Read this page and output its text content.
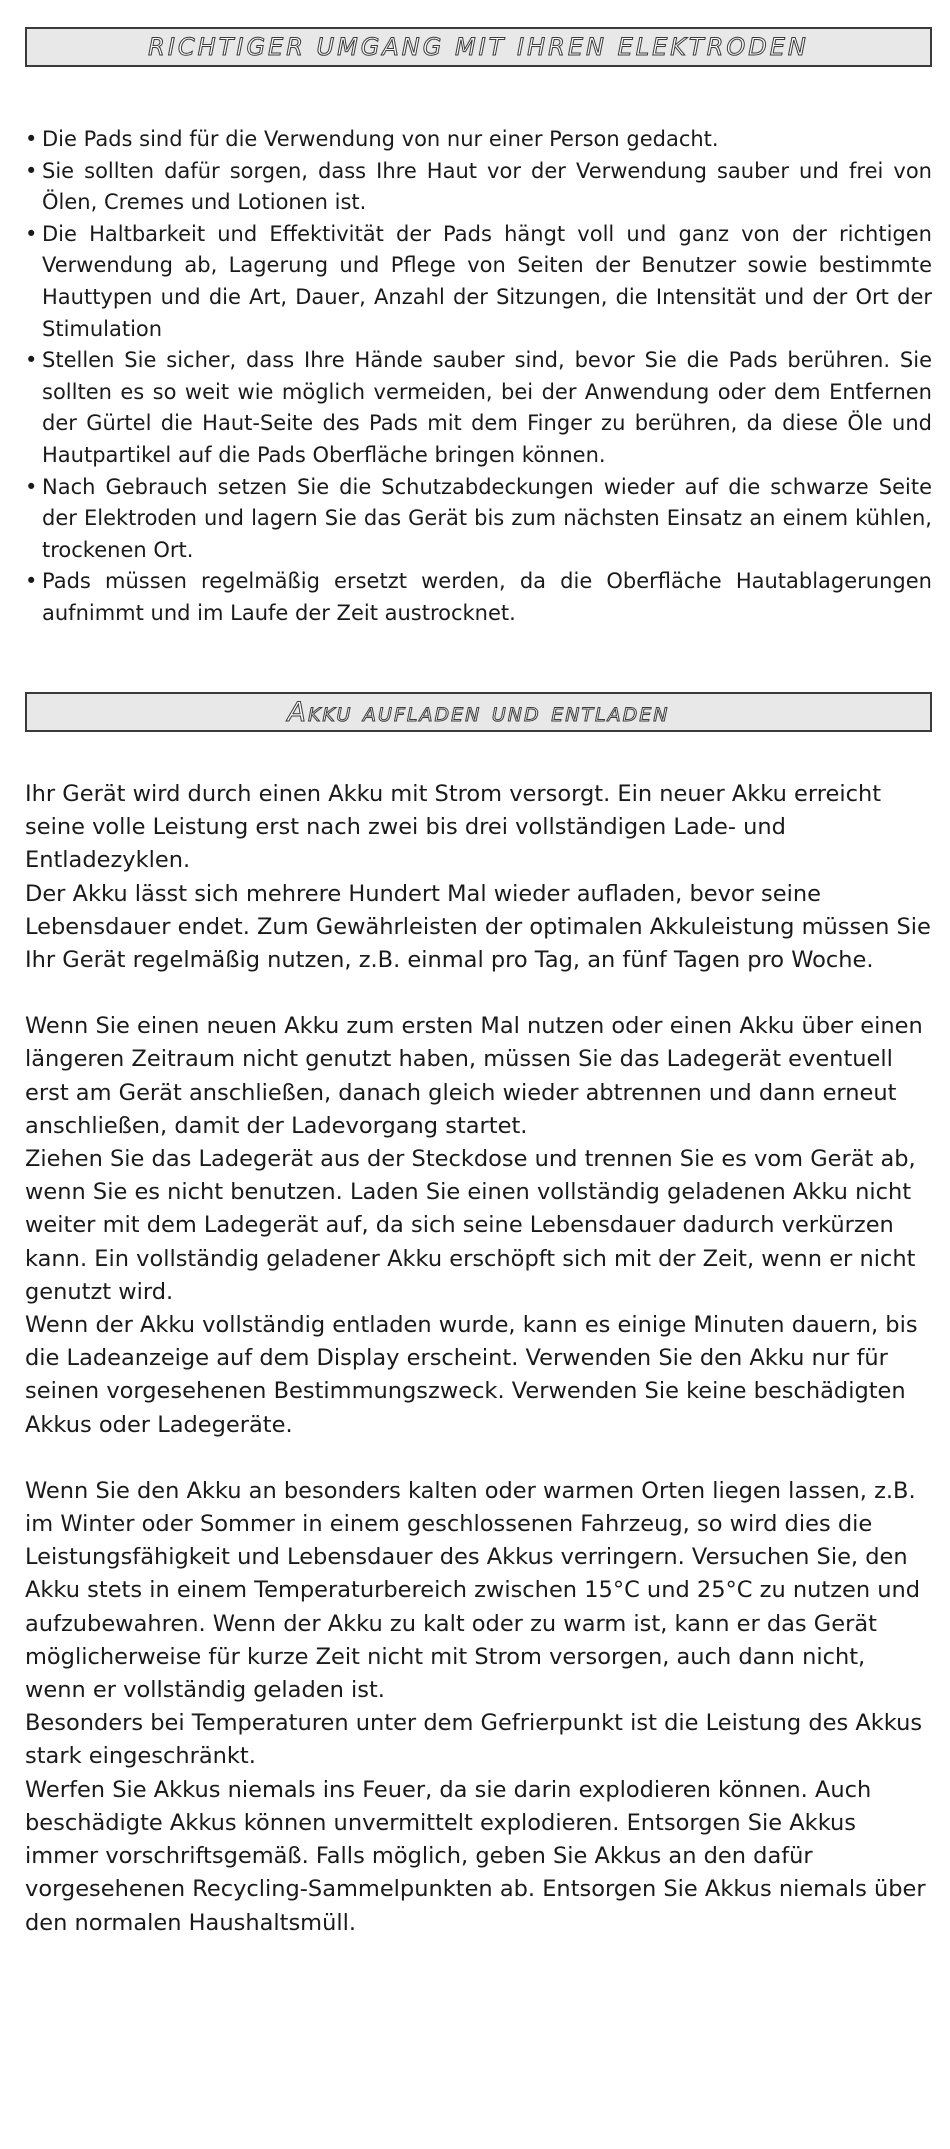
RICHTIGER UMGANG MIT IHREN ELEKTRODEN
• Die Pads sind für die Verwendung von nur einer Person gedacht.
• Sie sollten dafür sorgen, dass Ihre Haut vor der Verwendung sauber und frei von Ölen, Cremes und Lotionen ist.
• Die Haltbarkeit und Effektivität der Pads hängt voll und ganz von der richtigen Verwendung ab, Lagerung und Pflege von Seiten der Benutzer sowie bestimmte Hauttypen und die Art, Dauer, Anzahl der Sitzungen, die Intensität und der Ort der Stimulation
• Stellen Sie sicher, dass Ihre Hände sauber sind, bevor Sie die Pads berühren. Sie sollten es so weit wie möglich vermeiden, bei der Anwendung oder dem Entfernen der Gürtel die Haut-Seite des Pads mit dem Finger zu berühren, da diese Öle und Hautpartikel auf die Pads Oberfläche bringen können.
• Nach Gebrauch setzen Sie die Schutzabdeckungen wieder auf die schwarze Seite der Elektroden und lagern Sie das Gerät bis zum nächsten Einsatz an einem kühlen, trockenen Ort.
• Pads müssen regelmäßig ersetzt werden, da die Oberfläche Hautablagerungen aufnimmt und im Laufe der Zeit austrocknet.
Akku aufladen und entladen

Ihr Gerät wird durch einen Akku mit Strom versorgt. Ein neuer Akku erreicht seine volle Leistung erst nach zwei bis drei vollständigen Lade- und Entladezyklen.

Der Akku lässt sich mehrere Hundert Mal wieder aufladen, bevor seine Lebensdauer endet. Zum Gewährleisten der optimalen Akkuleistung müssen Sie Ihr Gerät regelmäßig nutzen, z.B. einmal pro Tag, an fünf Tagen pro Woche.

Wenn Sie einen neuen Akku zum ersten Mal nutzen oder einen Akku über einen längeren Zeitraum nicht genutzt haben, müssen Sie das Ladegerät eventuell erst am Gerät anschließen, danach gleich wieder abtrennen und dann erneut anschließen, damit der Ladevorgang startet.

Ziehen Sie das Ladegerät aus der Steckdose und trennen Sie es vom Gerät ab, wenn Sie es nicht benutzen. Laden Sie einen vollständig geladenen Akku nicht weiter mit dem Ladegerät auf, da sich seine Lebensdauer dadurch verkürzen kann. Ein vollständig geladener Akku erschöpft sich mit der Zeit, wenn er nicht genutzt wird.

Wenn der Akku vollständig entladen wurde, kann es einige Minuten dauern, bis die Ladeanzeige auf dem Display erscheint. Verwenden Sie den Akku nur für seinen vorgesehenen Bestimmungszweck. Verwenden Sie keine beschädigten Akkus oder Ladegeräte.

Wenn Sie den Akku an besonders kalten oder warmen Orten liegen lassen, z.B. im Winter oder Sommer in einem geschlossenen Fahrzeug, so wird dies die Leistungsfähigkeit und Lebensdauer des Akkus verringern. Versuchen Sie, den Akku stets in einem Temperaturbereich zwischen 15°C und 25°C zu nutzen und aufzubewahren. Wenn der Akku zu kalt oder zu warm ist, kann er das Gerät möglicherweise für kurze Zeit nicht mit Strom versorgen, auch dann nicht, wenn er vollständig geladen ist.

Besonders bei Temperaturen unter dem Gefrierpunkt ist die Leistung des Akkus stark eingeschränkt.

Werfen Sie Akkus niemals ins Feuer, da sie darin explodieren können. Auch beschädigte Akkus können unvermittelt explodieren. Entsorgen Sie Akkus immer vorschriftsgemäß. Falls möglich, geben Sie Akkus an den dafür vorgesehenen Recycling-Sammelpunkten ab. Entsorgen Sie Akkus niemals über den normalen Haushaltsmüll.
